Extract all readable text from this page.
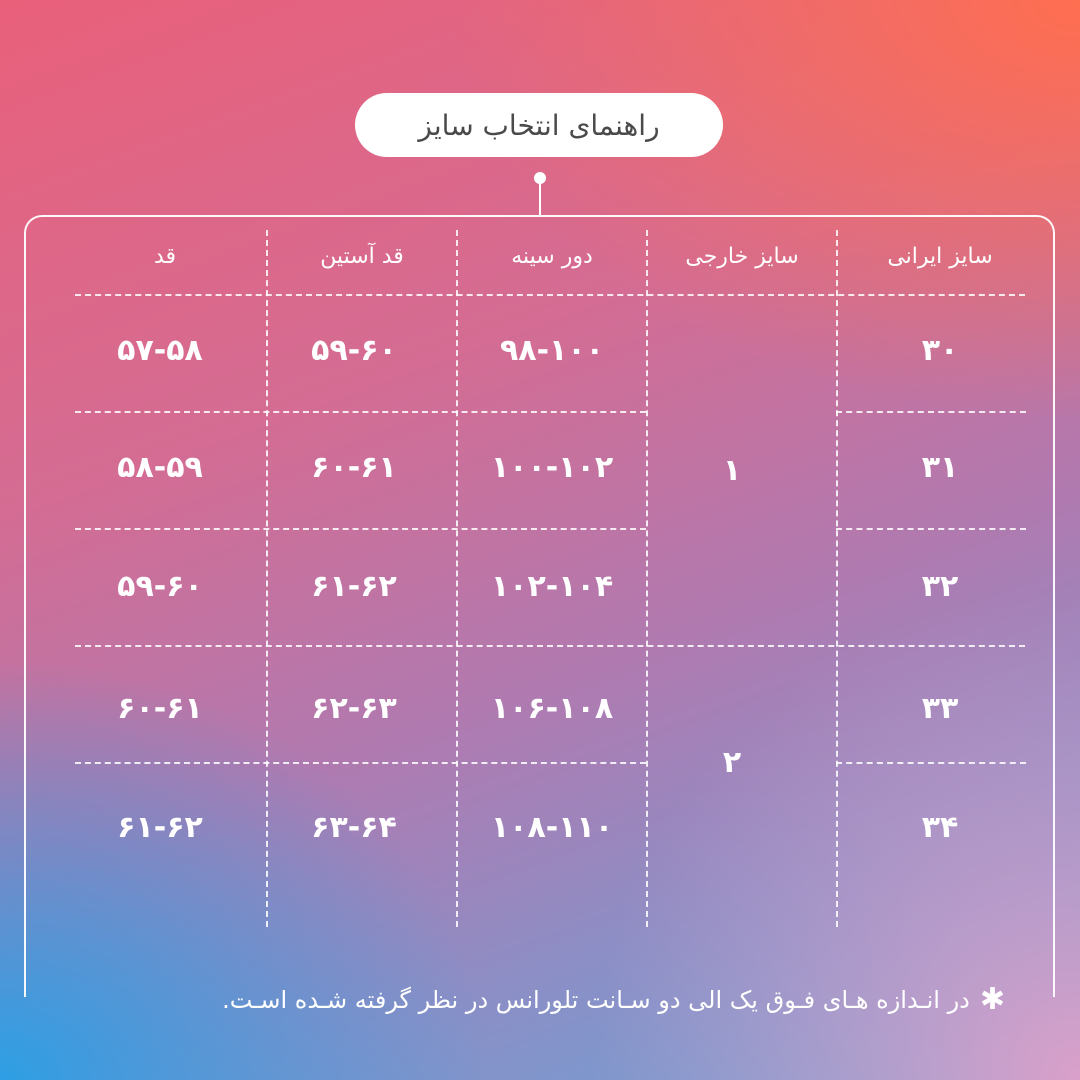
راهنمای انتخاب سایز
سایز ایرانی
سایز خارجی
دور سینه
قد آستین
قد
۳۰
۹۸-۱۰۰
۵۹-۶۰
۵۷-۵۸
۳۱
۱۰۰-۱۰۲
۶۰-۶۱
۵۸-۵۹
۳۲
۱۰۲-۱۰۴
۶۱-۶۲
۵۹-۶۰
۳۳
۱۰۶-۱۰۸
۶۲-۶۳
۶۰-۶۱
۳۴
۱۰۸-۱۱۰
۶۳-۶۴
۶۱-۶۲
۱
۲
✱
در انـدازه هـای فـوق یک الی دو سـانت تلورانس در نظر گرفته شـده اسـت.
